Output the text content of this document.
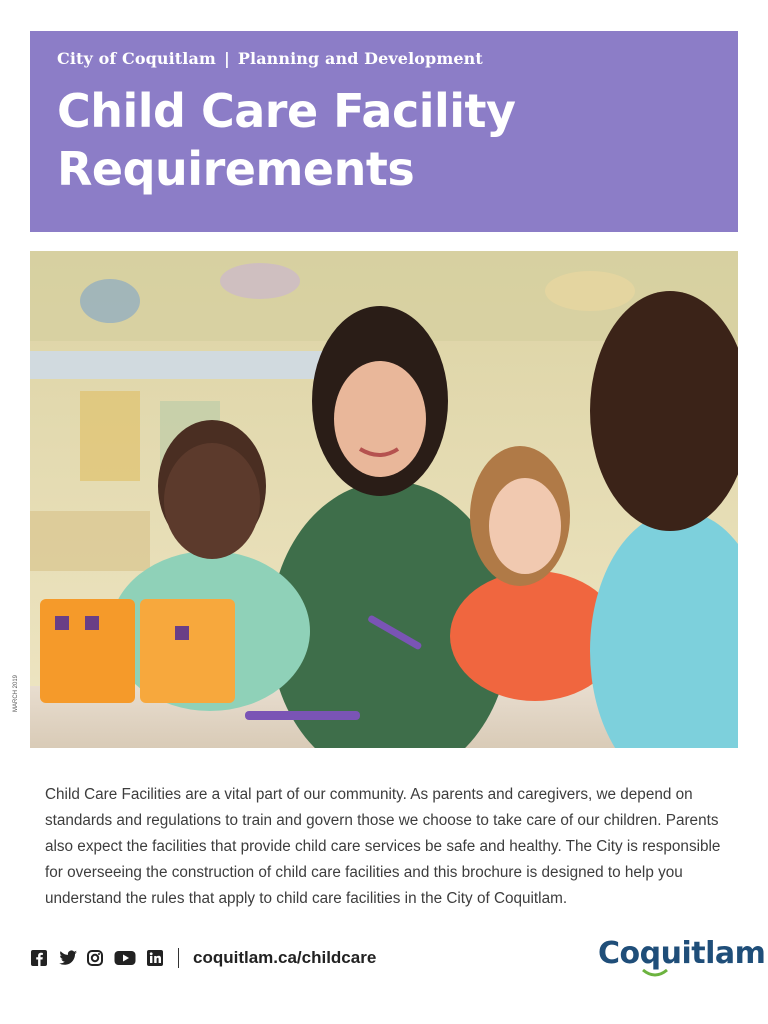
City of Coquitlam | Planning and Development
Child Care Facility
Requirements
MARCH 2019
Child Care Facilities are a vital part of our community. As parents and caregivers, we depend on standards and regulations to train and govern those we choose to take care of our children. Parents also expect the facilities that provide child care services be safe and healthy. The City is responsible for overseeing the construction of child care facilities and this brochure is designed to help you understand the rules that apply to child care facilities in the City of Coquitlam.
coquitlam.ca/childcare	Coq
uitlam
